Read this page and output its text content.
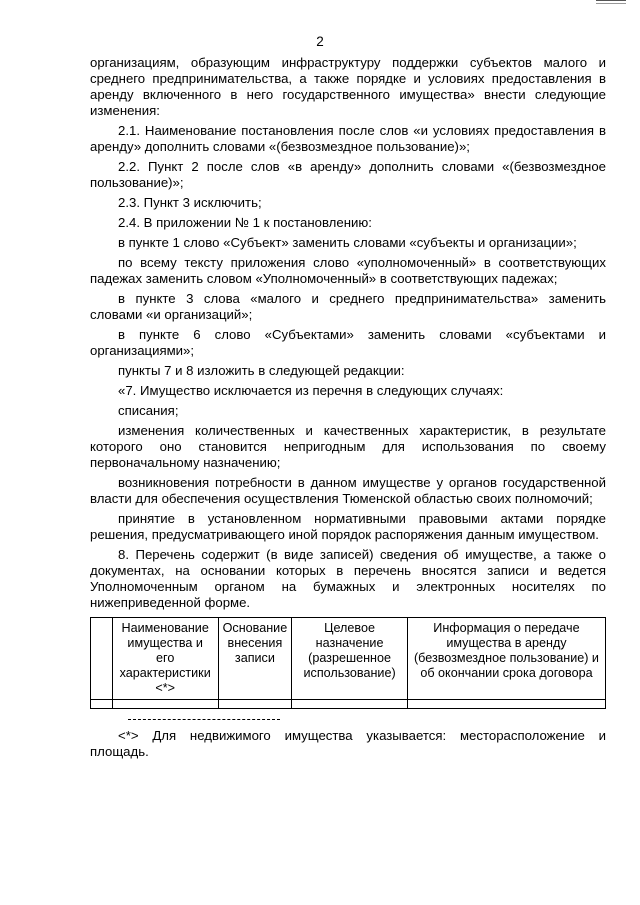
2

организациям, образующим инфраструктуру поддержки субъектов малого и среднего предпринимательства, а также порядке и условиях предоставления в аренду включенного в него государственного имущества» внести следующие изменения:

2.1. Наименование постановления после слов «и условиях предоставления в аренду» дополнить словами «(безвозмездное пользование)»;

2.2. Пункт 2 после слов «в аренду» дополнить словами «(безвозмездное пользование)»;

2.3. Пункт 3 исключить;

2.4. В приложении № 1 к постановлению:

в пункте 1 слово «Субъект» заменить словами «субъекты и организации»;

по всему тексту приложения слово «уполномоченный» в соответствующих падежах заменить словом «Уполномоченный» в соответствующих падежах;

в пункте 3 слова «малого и среднего предпринимательства» заменить словами «и организаций»;

в пункте 6 слово «Субъектами» заменить словами «субъектами и организациями»;

пункты 7 и 8 изложить в следующей редакции:

«7. Имущество исключается из перечня в следующих случаях:

списания;

изменения количественных и качественных характеристик, в результате которого оно становится непригодным для использования по своему первоначальному назначению;

возникновения потребности в данном имуществе у органов государственной власти для обеспечения осуществления Тюменской областью своих полномочий;

принятие в установленном нормативными правовыми актами порядке решения, предусматривающего иной порядок распоряжения данным имуществом.

8. Перечень содержит (в виде записей) сведения об имуществе, а также о документах, на основании которых в перечень вносятся записи и ведется Уполномоченным органом на бумажных и электронных носителях по нижеприведенной форме.

	Наименование имущества и его характеристики <*>	Основание внесения записи	Целевое назначение (разрешенное использование)	Информация о передаче имущества в аренду (безвозмездное пользование) и об окончании срока договора

<*> Для недвижимого имущества указывается: месторасположение и площадь.
